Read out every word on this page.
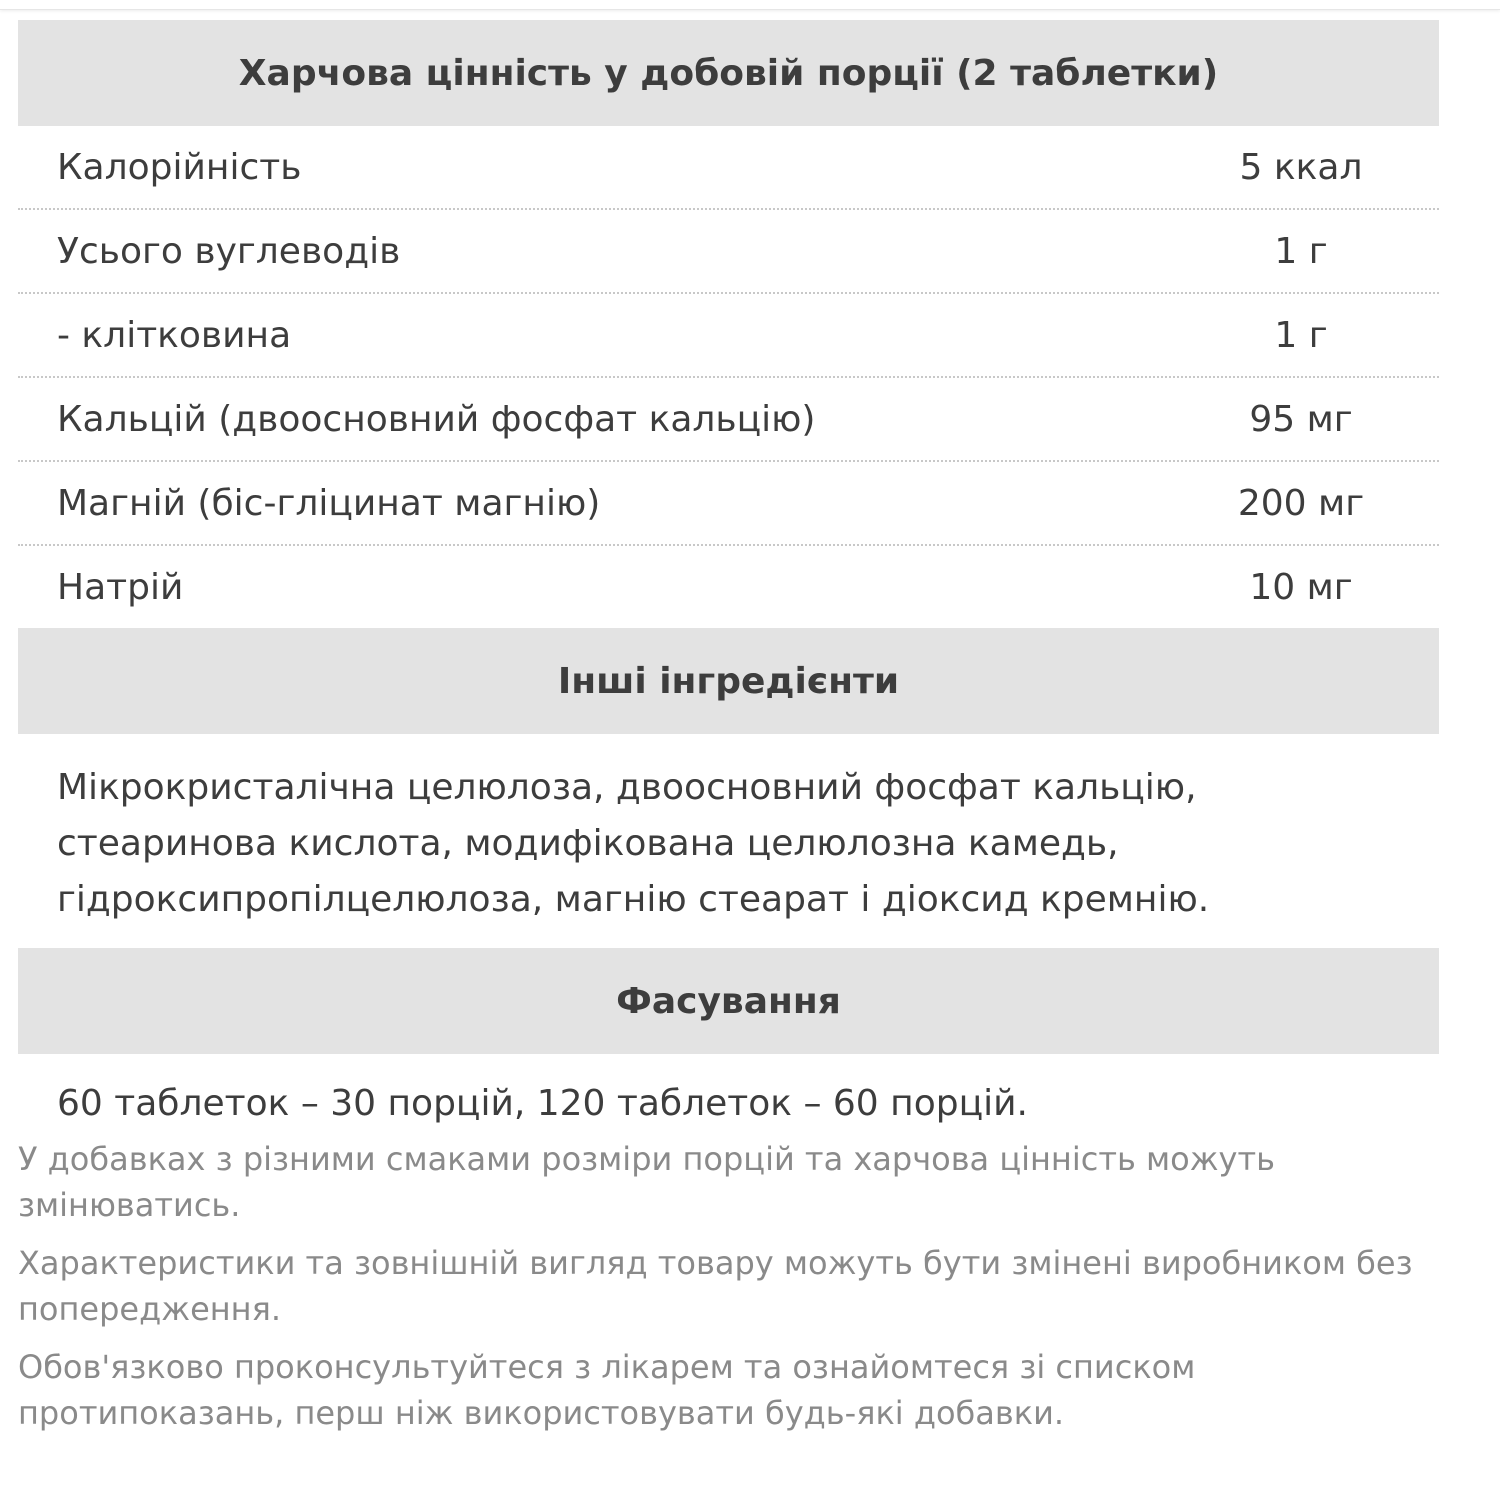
Харчова цінність у добовій порції (2 таблетки)
Калорійність	5 ккал
Усього вуглеводів	1 г
- клітковина	1 г
Кальцій (двоосновний фосфат кальцію)	95 мг
Магній (біс-гліцинат магнію)	200 мг
Натрій	10 мг
Інші інгредієнти
Мікрокристалічна целюлоза, двоосновний фосфат кальцію,
стеаринова кислота, модифікована целюлозна камедь,
гідроксипропілцелюлоза, магнію стеарат і діоксид кремнію.
Фасування
60 таблеток – 30 порцій, 120 таблеток – 60 порцій.

У добавках з різними смаками розміри порцій та харчова цінність можуть
змінюватись.

Характеристики та зовнішній вигляд товару можуть бути змінені виробником без
попередження.

Обов'язково проконсультуйтеся з лікарем та ознайомтеся зі списком
протипоказань, перш ніж використовувати будь-які добавки.
